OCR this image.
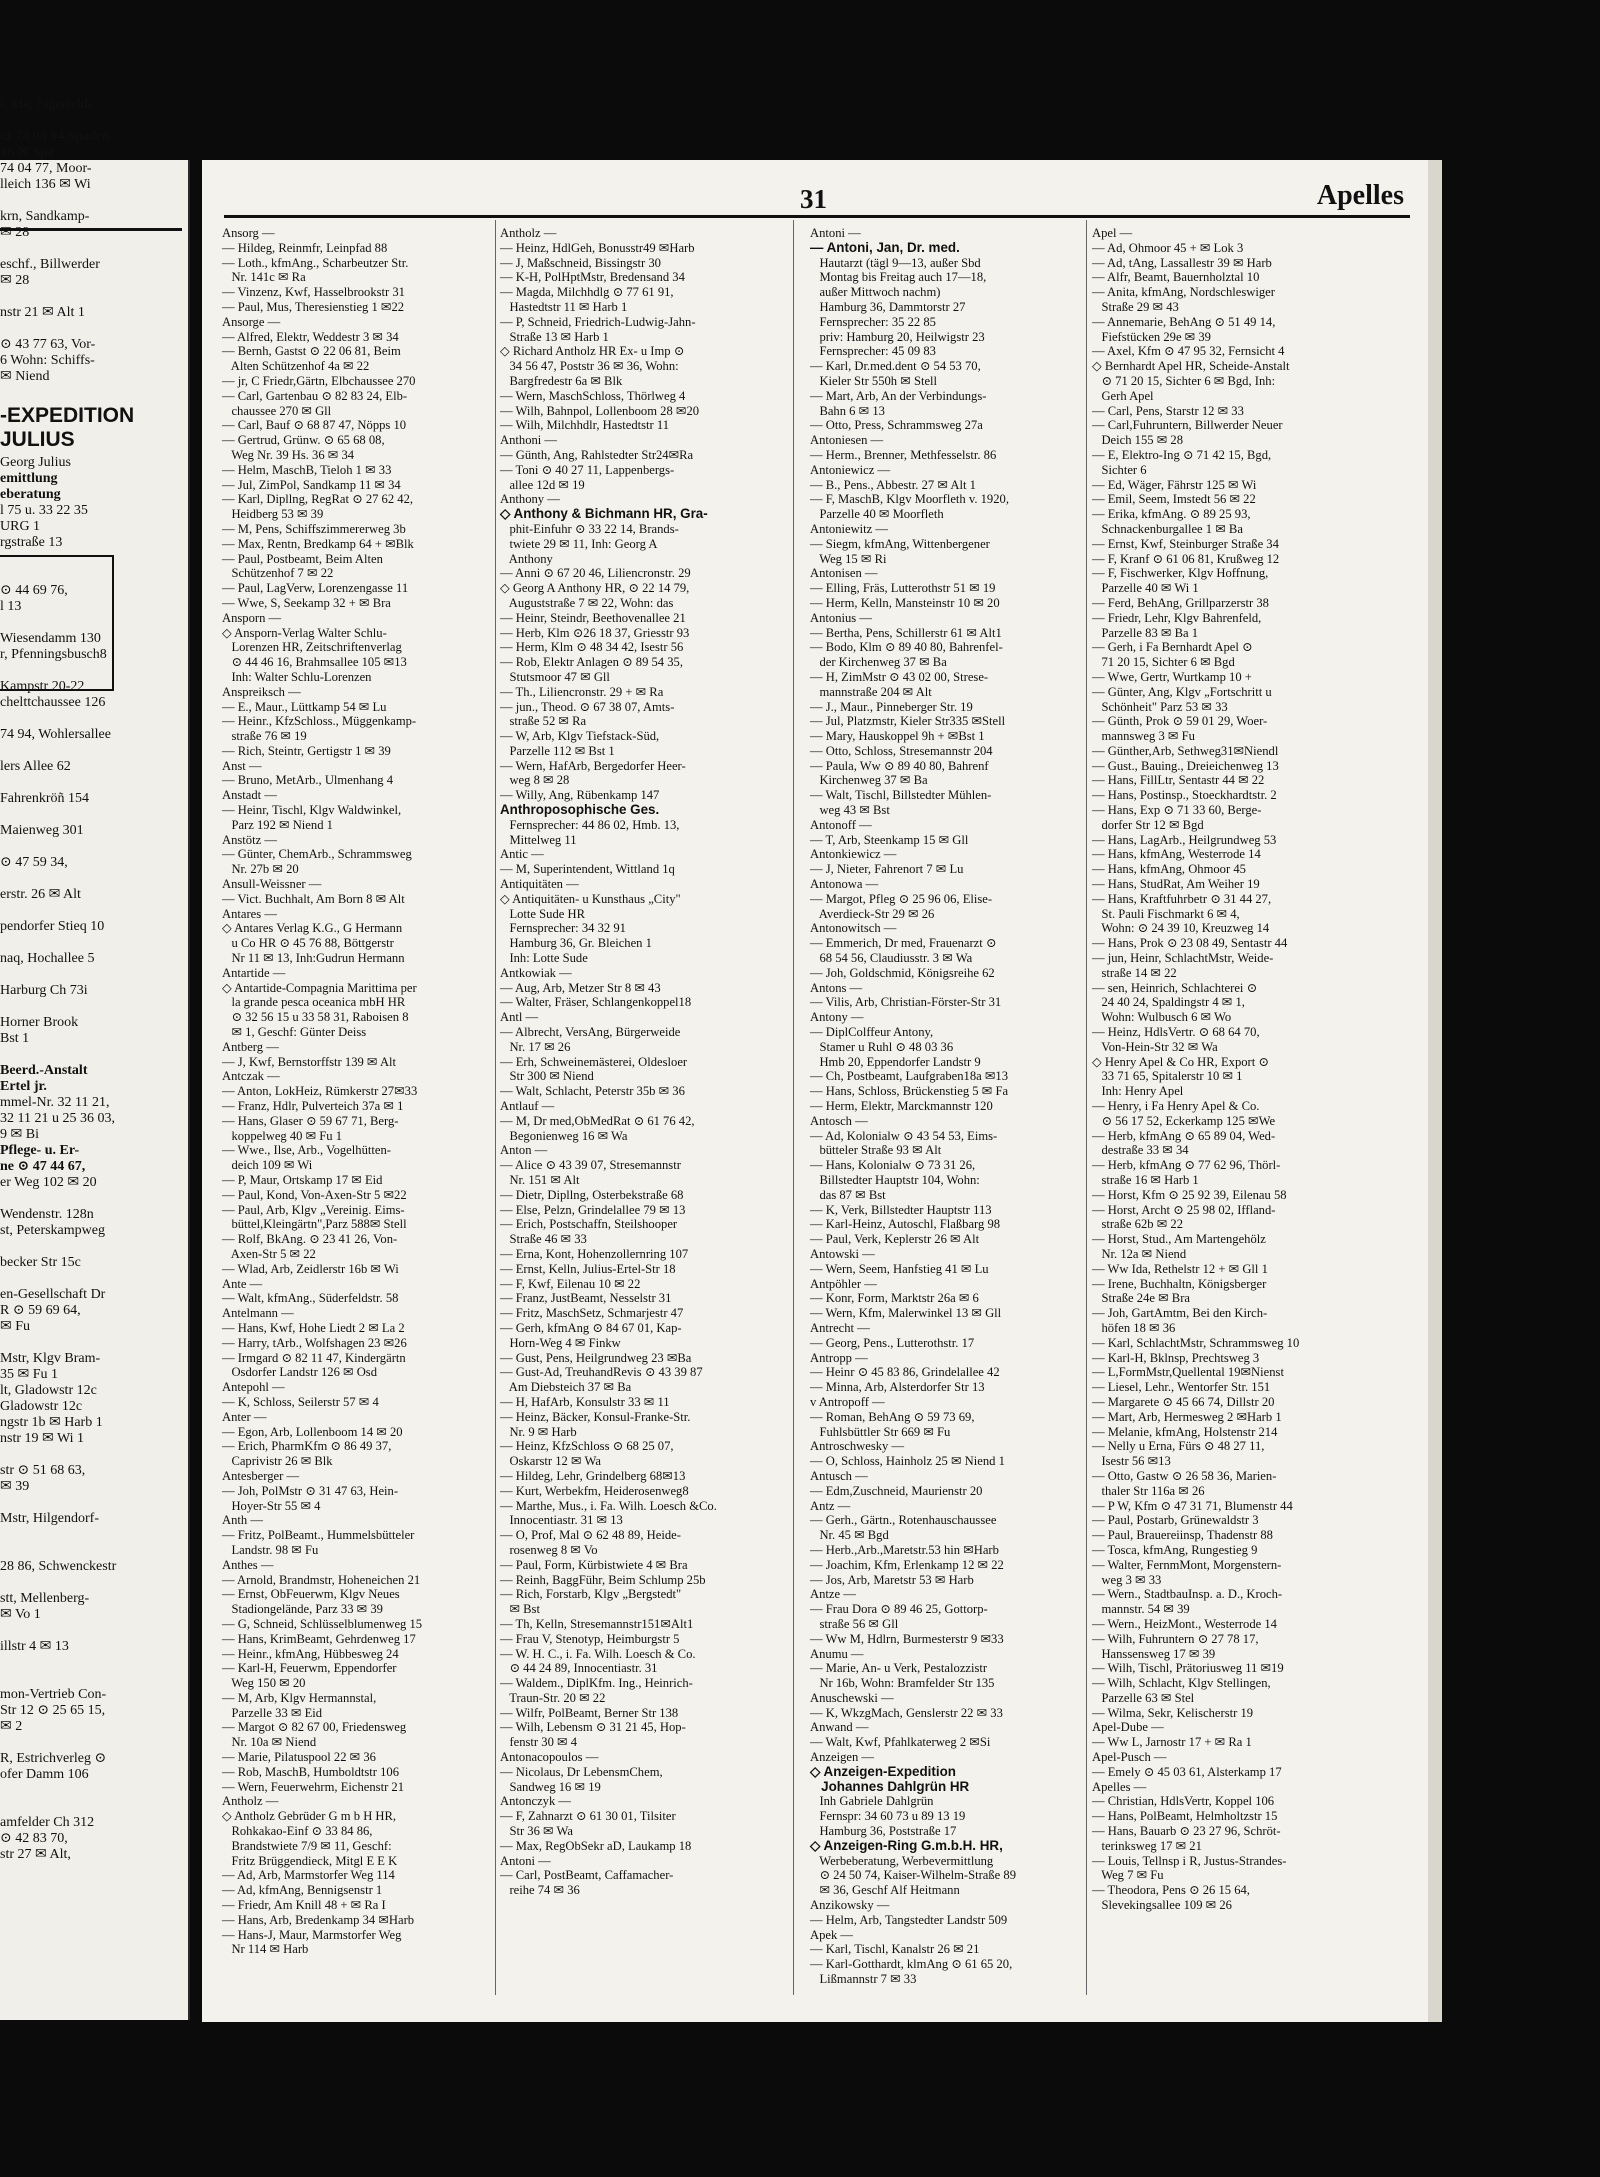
l, Ma, Jägerfeld-
⊙ 74 03 94 Spaden-
16 ✉ Spa
74 04 77, Moor-
lleich 136 ✉ Wi
krn, Sandkamp-
✉ 28
eschf., Billwerder
✉ 28
nstr 21 ✉ Alt 1
⊙ 43 77 63, Vor-
6 Wohn: Schiffs-
✉ Niend
-EXPEDITION
JULIUS
Georg Julius
emittlung
eberatung
l 75 u. 33 22 35
URG 1
rgstraße 13
⊙ 44 69 76,
l 13
Wiesendamm 130
r, Pfenningsbusch8
Kampstr 20-22
chelttchaussee 126
74 94, Wohlersallee
lers Allee 62
Fahrenkröñ 154
Maienweg 301
⊙ 47 59 34,
erstr. 26 ✉ Alt
pendorfer Stieq 10
naq, Hochallee 5
Harburg Ch 73i
Horner Brook
Bst 1
Beerd.-Anstalt
Ertel jr.
mmel-Nr. 32 11 21,
32 11 21 u 25 36 03,
9 ✉ Bi
Pflege- u. Er-
ne ⊙ 47 44 67,
er Weg 102 ✉ 20
Wendenstr. 128n
st, Peterskampweg
becker Str 15c
en-Gesellschaft Dr
R ⊙ 59 69 64,
✉ Fu
Mstr, Klgv Bram-
35 ✉ Fu 1
lt, Gladowstr 12c
Gladowstr 12c
ngstr 1b ✉ Harb 1
nstr 19 ✉ Wi 1
str ⊙ 51 68 63,
✉ 39
Mstr, Hilgendorf-
28 86, Schwenckestr
stt, Mellenberg-
✉ Vo 1
illstr 4 ✉ 13
mon-Vertrieb Con-
Str 12 ⊙ 25 65 15,
✉ 2
R, Estrichverleg ⊙
ofer Damm 106
amfelder Ch 312
⊙ 42 83 70,
str 27 ✉ Alt,
31	Apelles
Ansorg —
— Hildeg, Reinmfr, Leinpfad 88
— Loth., kfmAng., Scharbeutzer Str.
Nr. 141c ✉ Ra
— Vinzenz, Kwf, Hasselbrookstr 31
— Paul, Mus, Theresienstieg 1 ✉22
Ansorge —
— Alfred, Elektr, Weddestr 3 ✉ 34
— Bernh, Gastst ⊙ 22 06 81, Beim
Alten Schützenhof 4a ✉ 22
— jr, C Friedr,Gärtn, Elbchaussee 270
— Carl, Gartenbau ⊙ 82 83 24, Elb-
chaussee 270 ✉ Gll
— Carl, Bauf ⊙ 68 87 47, Nöpps 10
— Gertrud, Grünw. ⊙ 65 68 08,
Weg Nr. 39 Hs. 36 ✉ 34
— Helm, MaschB, Tieloh 1 ✉ 33
— Jul, ZimPol, Sandkamp 11 ✉ 34
— Karl, Dipllng, RegRat ⊙ 27 62 42,
Heidberg 53 ✉ 39
— M, Pens, Schiffszimmererweg 3b
— Max, Rentn, Bredkamp 64 + ✉Blk
— Paul, Postbeamt, Beim Alten
Schützenhof 7 ✉ 22
— Paul, LagVerw, Lorenzengasse 11
— Wwe, S, Seekamp 32 + ✉ Bra
Ansporn —
◇ Ansporn-Verlag Walter Schlu-
Lorenzen HR, Zeitschriftenverlag
⊙ 44 46 16, Brahmsallee 105 ✉13
Inh: Walter Schlu-Lorenzen
Anspreiksch —
— E., Maur., Lüttkamp 54 ✉ Lu
— Heinr., KfzSchloss., Müggenkamp-
straße 76 ✉ 19
— Rich, Steintr, Gertigstr 1 ✉ 39
Anst —
— Bruno, MetArb., Ulmenhang 4
Anstadt —
— Heinr, Tischl, Klgv Waldwinkel,
Parz 192 ✉ Niend 1
Anstötz —
— Günter, ChemArb., Schrammsweg
Nr. 27b ✉ 20
Ansull-Weissner —
— Vict. Buchhalt, Am Born 8 ✉ Alt
Antares —
◇ Antares Verlag K.G., G Hermann
u Co HR ⊙ 45 76 88, Böttgerstr
Nr 11 ✉ 13, Inh:Gudrun Hermann
Antartide —
◇ Antartide-Compagnia Marittima per
la grande pesca oceanica mbH HR
⊙ 32 56 15 u 33 58 31, Raboisen 8
✉ 1, Geschf: Günter Deiss
Antberg —
— J, Kwf, Bernstorffstr 139 ✉ Alt
Antczak —
— Anton, LokHeiz, Rümkerstr 27✉33
— Franz, Hdlr, Pulverteich 37a ✉ 1
— Hans, Glaser ⊙ 59 67 71, Berg-
koppelweg 40 ✉ Fu 1
— Wwe., Ilse, Arb., Vogelhütten-
deich 109 ✉ Wi
— P, Maur, Ortskamp 17 ✉ Eid
— Paul, Kond, Von-Axen-Str 5 ✉22
— Paul, Arb, Klgv „Vereinig. Eims-
büttel,Kleingärtn",Parz 588✉ Stell
— Rolf, BkAng. ⊙ 23 41 26, Von-
Axen-Str 5 ✉ 22
— Wlad, Arb, Zeidlerstr 16b ✉ Wi
Ante —
— Walt, kfmAng., Süderfeldstr. 58
Antelmann —
— Hans, Kwf, Hohe Liedt 2 ✉ La 2
— Harry, tArb., Wolfshagen 23 ✉26
— Irmgard ⊙ 82 11 47, Kindergärtn
Osdorfer Landstr 126 ✉ Osd
Antepohl —
— K, Schloss, Seilerstr 57 ✉ 4
Anter —
— Egon, Arb, Lollenboom 14 ✉ 20
— Erich, PharmKfm ⊙ 86 49 37,
Caprivistr 26 ✉ Blk
Antesberger —
— Joh, PolMstr ⊙ 31 47 63, Hein-
Hoyer-Str 55 ✉ 4
Anth —
— Fritz, PolBeamt., Hummelsbütteler
Landstr. 98 ✉ Fu
Anthes —
— Arnold, Brandmstr, Hoheneichen 21
— Ernst, ObFeuerwm, Klgv Neues
Stadiongelände, Parz 33 ✉ 39
— G, Schneid, Schlüsselblumenweg 15
— Hans, KrimBeamt, Gehrdenweg 17
— Heinr., kfmAng, Hübbesweg 24
— Karl-H, Feuerwm, Eppendorfer
Weg 150 ✉ 20
— M, Arb, Klgv Hermannstal,
Parzelle 33 ✉ Eid
— Margot ⊙ 82 67 00, Friedensweg
Nr. 10a ✉ Niend
— Marie, Pilatuspool 22 ✉ 36
— Rob, MaschB, Humboldtstr 106
— Wern, Feuerwehrm, Eichenstr 21
Antholz —
◇ Antholz Gebrüder G m b H HR,
Rohkakao-Einf ⊙ 33 84 86,
Brandstwiete 7/9 ✉ 11, Geschf:
Fritz Brüggendieck, Mitgl E E K
— Ad, Arb, Marmstorfer Weg 114
— Ad, kfmAng, Bennigsenstr 1
— Friedr, Am Knill 48 + ✉ Ra I
— Hans, Arb, Bredenkamp 34 ✉Harb
— Hans-J, Maur, Marmstorfer Weg
Nr 114 ✉ Harb
Antholz —
— Heinz, HdlGeh, Bonusstr49 ✉Harb
— J, Maßschneid, Bissingstr 30
— K-H, PolHptMstr, Bredensand 34
— Magda, Milchhdlg ⊙ 77 61 91,
Hastedtstr 11 ✉ Harb 1
— P, Schneid, Friedrich-Ludwig-Jahn-
Straße 13 ✉ Harb 1
◇ Richard Antholz HR Ex- u Imp ⊙
34 56 47, Poststr 36 ✉ 36, Wohn:
Bargfredestr 6a ✉ Blk
— Wern, MaschSchloss, Thörlweg 4
— Wilh, Bahnpol, Lollenboom 28 ✉20
— Wilh, Milchhdlr, Hastedtstr 11
Anthoni —
— Günth, Ang, Rahlstedter Str24✉Ra
— Toni ⊙ 40 27 11, Lappenbergs-
allee 12d ✉ 19
Anthony —
◇ Anthony & Bichmann HR, Gra-
phit-Einfuhr ⊙ 33 22 14, Brands-
twiete 29 ✉ 11, Inh: Georg A
Anthony
— Anni ⊙ 67 20 46, Liliencronstr. 29
◇ Georg A Anthony HR, ⊙ 22 14 79,
Auguststraße 7 ✉ 22, Wohn: das
— Heinr, Steindr, Beethovenallee 21
— Herb, Klm ⊙26 18 37, Griesstr 93
— Herm, Klm ⊙ 48 34 42, Isestr 56
— Rob, Elektr Anlagen ⊙ 89 54 35,
Stutsmoor 47 ✉ Gll
— Th., Liliencronstr. 29 + ✉ Ra
— jun., Theod. ⊙ 67 38 07, Amts-
straße 52 ✉ Ra
— W, Arb, Klgv Tiefstack-Süd,
Parzelle 112 ✉ Bst 1
— Wern, HafArb, Bergedorfer Heer-
weg 8 ✉ 28
— Willy, Ang, Rübenkamp 147
Anthroposophische Ges.
Fernsprecher: 44 86 02, Hmb. 13,
Mittelweg 11
Antic —
— M, Superintendent, Wittland 1q
Antiquitäten —
◇ Antiquitäten- u Kunsthaus „City"
Lotte Sude HR
Fernsprecher: 34 32 91
Hamburg 36, Gr. Bleichen 1
Inh: Lotte Sude
Antkowiak —
— Aug, Arb, Metzer Str 8 ✉ 43
— Walter, Fräser, Schlangenkoppel18
Antl —
— Albrecht, VersAng, Bürgerweide
Nr. 17 ✉ 26
— Erh, Schweinemästerei, Oldesloer
Str 300 ✉ Niend
— Walt, Schlacht, Peterstr 35b ✉ 36
Antlauf —
— M, Dr med,ObMedRat ⊙ 61 76 42,
Begonienweg 16 ✉ Wa
Anton —
— Alice ⊙ 43 39 07, Stresemannstr
Nr. 151 ✉ Alt
— Dietr, Dipllng, Osterbekstraße 68
— Else, Pelzn, Grindelallee 79 ✉ 13
— Erich, Postschaffn, Steilshooper
Straße 46 ✉ 33
— Erna, Kont, Hohenzollernring 107
— Ernst, Kelln, Julius-Ertel-Str 18
— F, Kwf, Eilenau 10 ✉ 22
— Franz, JustBeamt, Nesselstr 31
— Fritz, MaschSetz, Schmarjestr 47
— Gerh, kfmAng ⊙ 84 67 01, Kap-
Horn-Weg 4 ✉ Finkw
— Gust, Pens, Heilgrundweg 23 ✉Ba
— Gust-Ad, TreuhandRevis ⊙ 43 39 87
Am Diebsteich 37 ✉ Ba
— H, HafArb, Konsulstr 33 ✉ 11
— Heinz, Bäcker, Konsul-Franke-Str.
Nr. 9 ✉ Harb
— Heinz, KfzSchloss ⊙ 68 25 07,
Oskarstr 12 ✉ Wa
— Hildeg, Lehr, Grindelberg 68✉13
— Kurt, Werbekfm, Heiderosenweg8
— Marthe, Mus., i. Fa. Wilh. Loesch &Co.
Innocentiastr. 31 ✉ 13
— O, Prof, Mal ⊙ 62 48 89, Heide-
rosenweg 8 ✉ Vo
— Paul, Form, Kürbistwiete 4 ✉ Bra
— Reinh, BaggFühr, Beim Schlump 25b
— Rich, Forstarb, Klgv „Bergstedt"
✉ Bst
— Th, Kelln, Stresemannstr151✉Alt1
— Frau V, Stenotyp, Heimburgstr 5
— W. H. C., i. Fa. Wilh. Loesch & Co.
⊙ 44 24 89, Innocentiastr. 31
— Waldem., DiplKfm. Ing., Heinrich-
Traun-Str. 20 ✉ 22
— Wilfr, PolBeamt, Berner Str 138
— Wilh, Lebensm ⊙ 31 21 45, Hop-
fenstr 30 ✉ 4
Antonacopoulos —
— Nicolaus, Dr LebensmChem,
Sandweg 16 ✉ 19
Antonczyk —
— F, Zahnarzt ⊙ 61 30 01, Tilsiter
Str 36 ✉ Wa
— Max, RegObSekr aD, Laukamp 18
Antoni —
— Carl, PostBeamt, Caffamacher-
reihe 74 ✉ 36
Antoni —
— Antoni, Jan, Dr. med.
Hautarzt (tägl 9—13, außer Sbd
Montag bis Freitag auch 17—18,
außer Mittwoch nachm)
Hamburg 36, Dammtorstr 27
Fernsprecher: 35 22 85
priv: Hamburg 20, Heilwigstr 23
Fernsprecher: 45 09 83
— Karl, Dr.med.dent ⊙ 54 53 70,
Kieler Str 550h ✉ Stell
— Mart, Arb, An der Verbindungs-
Bahn 6 ✉ 13
— Otto, Press, Schrammsweg 27a
Antoniesen —
— Herm., Brenner, Methfesselstr. 86
Antoniewicz —
— B., Pens., Abbestr. 27 ✉ Alt 1
— F, MaschB, Klgv Moorfleth v. 1920,
Parzelle 40 ✉ Moorfleth
Antoniewitz —
— Siegm, kfmAng, Wittenbergener
Weg 15 ✉ Ri
Antonisen —
— Elling, Fräs, Lutterothstr 51 ✉ 19
— Herm, Kelln, Mansteinstr 10 ✉ 20
Antonius —
— Bertha, Pens, Schillerstr 61 ✉ Alt1
— Bodo, Klm ⊙ 89 40 80, Bahrenfel-
der Kirchenweg 37 ✉ Ba
— H, ZimMstr ⊙ 43 02 00, Strese-
mannstraße 204 ✉ Alt
— J., Maur., Pinneberger Str. 19
— Jul, Platzmstr, Kieler Str335 ✉Stell
— Mary, Hauskoppel 9h + ✉Bst 1
— Otto, Schloss, Stresemannstr 204
— Paula, Ww ⊙ 89 40 80, Bahrenf
Kirchenweg 37 ✉ Ba
— Walt, Tischl, Billstedter Mühlen-
weg 43 ✉ Bst
Antonoff —
— T, Arb, Steenkamp 15 ✉ Gll
Antonkiewicz —
— J, Nieter, Fahrenort 7 ✉ Lu
Antonowa —
— Margot, Pfleg ⊙ 25 96 06, Elise-
Averdieck-Str 29 ✉ 26
Antonowitsch —
— Emmerich, Dr med, Frauenarzt ⊙
68 54 56, Claudiusstr. 3 ✉ Wa
— Joh, Goldschmid, Königsreihe 62
Antons —
— Vilis, Arb, Christian-Förster-Str 31
Antony —
— DiplColffeur Antony,
Stamer u Ruhl ⊙ 48 03 36
Hmb 20, Eppendorfer Landstr 9
— Ch, Postbeamt, Laufgraben18a ✉13
— Hans, Schloss, Brückenstieg 5 ✉ Fa
— Herm, Elektr, Marckmannstr 120
Antosch —
— Ad, Kolonialw ⊙ 43 54 53, Eims-
bütteler Straße 93 ✉ Alt
— Hans, Kolonialw ⊙ 73 31 26,
Billstedter Hauptstr 104, Wohn:
das 87 ✉ Bst
— K, Verk, Billstedter Hauptstr 113
— Karl-Heinz, Autoschl, Flaßbarg 98
— Paul, Verk, Keplerstr 26 ✉ Alt
Antowski —
— Wern, Seem, Hanfstieg 41 ✉ Lu
Antpöhler —
— Konr, Form, Marktstr 26a ✉ 6
— Wern, Kfm, Malerwinkel 13 ✉ Gll
Antrecht —
— Georg, Pens., Lutterothstr. 17
Antropp —
— Heinr ⊙ 45 83 86, Grindelallee 42
— Minna, Arb, Alsterdorfer Str 13
v Antropoff —
— Roman, BehAng ⊙ 59 73 69,
Fuhlsbüttler Str 669 ✉ Fu
Antroschwesky —
— O, Schloss, Hainholz 25 ✉ Niend 1
Antusch —
— Edm,Zuschneid, Maurienstr 20
Antz —
— Gerh., Gärtn., Rotenhauschaussee
Nr. 45 ✉ Bgd
— Herb.,Arb.,Maretstr.53 hin ✉Harb
— Joachim, Kfm, Erlenkamp 12 ✉ 22
— Jos, Arb, Maretstr 53 ✉ Harb
Antze —
— Frau Dora ⊙ 89 46 25, Gottorp-
straße 56 ✉ Gll
— Ww M, Hdlrn, Burmesterstr 9 ✉33
Anumu —
— Marie, An- u Verk, Pestalozzistr
Nr 16b, Wohn: Bramfelder Str 135
Anuschewski —
— K, WkzgMach, Genslerstr 22 ✉ 33
Anwand —
— Walt, Kwf, Pfahlkaterweg 2 ✉Si
Anzeigen —
◇ Anzeigen-Expedition
Johannes Dahlgrün HR
Inh Gabriele Dahlgrün
Fernspr: 34 60 73 u 89 13 19
Hamburg 36, Poststraße 17
◇ Anzeigen-Ring G.m.b.H. HR,
Werbeberatung, Werbevermittlung
⊙ 24 50 74, Kaiser-Wilhelm-Straße 89
✉ 36, Geschf Alf Heitmann
Anzikowsky —
— Helm, Arb, Tangstedter Landstr 509
Apek —
— Karl, Tischl, Kanalstr 26 ✉ 21
— Karl-Gotthardt, klmAng ⊙ 61 65 20,
Lißmannstr 7 ✉ 33
Apel —
— Ad, Ohmoor 45 + ✉ Lok 3
— Ad, tAng, Lassallestr 39 ✉ Harb
— Alfr, Beamt, Bauernholztal 10
— Anita, kfmAng, Nordschleswiger
Straße 29 ✉ 43
— Annemarie, BehAng ⊙ 51 49 14,
Fiefstücken 29e ✉ 39
— Axel, Kfm ⊙ 47 95 32, Fernsicht 4
◇ Bernhardt Apel HR, Scheide-Anstalt
⊙ 71 20 15, Sichter 6 ✉ Bgd, Inh:
Gerh Apel
— Carl, Pens, Starstr 12 ✉ 33
— Carl,Fuhruntern, Billwerder Neuer
Deich 155 ✉ 28
— E, Elektro-Ing ⊙ 71 42 15, Bgd,
Sichter 6
— Ed, Wäger, Fährstr 125 ✉ Wi
— Emil, Seem, Imstedt 56 ✉ 22
— Erika, kfmAng. ⊙ 89 25 93,
Schnackenburgallee 1 ✉ Ba
— Ernst, Kwf, Steinburger Straße 34
— F, Kranf ⊙ 61 06 81, Krußweg 12
— F, Fischwerker, Klgv Hoffnung,
Parzelle 40 ✉ Wi 1
— Ferd, BehAng, Grillparzerstr 38
— Friedr, Lehr, Klgv Bahrenfeld,
Parzelle 83 ✉ Ba 1
— Gerh, i Fa Bernhardt Apel ⊙
71 20 15, Sichter 6 ✉ Bgd
— Wwe, Gertr, Wurtkamp 10 +
— Günter, Ang, Klgv „Fortschritt u
Schönheit" Parz 53 ✉ 33
— Günth, Prok ⊙ 59 01 29, Woer-
mannsweg 3 ✉ Fu
— Günther,Arb, Sethweg31✉Niendl
— Gust., Bauing., Dreieichenweg 13
— Hans, FillLtr, Sentastr 44 ✉ 22
— Hans, Postinsp., Stoeckhardtstr. 2
— Hans, Exp ⊙ 71 33 60, Berge-
dorfer Str 12 ✉ Bgd
— Hans, LagArb., Heilgrundweg 53
— Hans, kfmAng, Westerrode 14
— Hans, kfmAng, Ohmoor 45
— Hans, StudRat, Am Weiher 19
— Hans, Kraftfuhrbetr ⊙ 31 44 27,
St. Pauli Fischmarkt 6 ✉ 4,
Wohn: ⊙ 24 39 10, Kreuzweg 14
— Hans, Prok ⊙ 23 08 49, Sentastr 44
— jun, Heinr, SchlachtMstr, Weide-
straße 14 ✉ 22
— sen, Heinrich, Schlachterei ⊙
24 40 24, Spaldingstr 4 ✉ 1,
Wohn: Wulbusch 6 ✉ Wo
— Heinz, HdlsVertr. ⊙ 68 64 70,
Von-Hein-Str 32 ✉ Wa
◇ Henry Apel & Co HR, Export ⊙
33 71 65, Spitalerstr 10 ✉ 1
Inh: Henry Apel
— Henry, i Fa Henry Apel & Co.
⊙ 56 17 52, Eckerkamp 125 ✉We
— Herb, kfmAng ⊙ 65 89 04, Wed-
destraße 33 ✉ 34
— Herb, kfmAng ⊙ 77 62 96, Thörl-
straße 16 ✉ Harb 1
— Horst, Kfm ⊙ 25 92 39, Eilenau 58
— Horst, Archt ⊙ 25 98 02, Iffland-
straße 62b ✉ 22
— Horst, Stud., Am Martengehölz
Nr. 12a ✉ Niend
— Ww Ida, Rethelstr 12 + ✉ Gll 1
— Irene, Buchhaltn, Königsberger
Straße 24e ✉ Bra
— Joh, GartAmtm, Bei den Kirch-
höfen 18 ✉ 36
— Karl, SchlachtMstr, Schrammsweg 10
— Karl-H, Bklnsp, Prechtsweg 3
— L,FormMstr,Quellental 19✉Nienst
— Liesel, Lehr., Wentorfer Str. 151
— Margarete ⊙ 45 66 74, Dillstr 20
— Mart, Arb, Hermesweg 2 ✉Harb 1
— Melanie, kfmAng, Holstenstr 214
— Nelly u Erna, Fürs ⊙ 48 27 11,
Isestr 56 ✉13
— Otto, Gastw ⊙ 26 58 36, Marien-
thaler Str 116a ✉ 26
— P W, Kfm ⊙ 47 31 71, Blumenstr 44
— Paul, Postarb, Grünewaldstr 3
— Paul, Brauereiinsp, Thadenstr 88
— Tosca, kfmAng, Rungestieg 9
— Walter, FernmMont, Morgenstern-
weg 3 ✉ 33
— Wern., StadtbauInsp. a. D., Kroch-
mannstr. 54 ✉ 39
— Wern., HeizMont., Westerrode 14
— Wilh, Fuhruntern ⊙ 27 78 17,
Hanssensweg 17 ✉ 39
— Wilh, Tischl, Prätoriusweg 11 ✉19
— Wilh, Schlacht, Klgv Stellingen,
Parzelle 63 ✉ Stel
— Wilma, Sekr, Kelischerstr 19
Apel-Dube —
— Ww L, Jarnostr 17 + ✉ Ra 1
Apel-Pusch —
— Emely ⊙ 45 03 61, Alsterkamp 17
Apelles —
— Christian, HdlsVertr, Koppel 106
— Hans, PolBeamt, Helmholtzstr 15
— Hans, Bauarb ⊙ 23 27 96, Schröt-
terinksweg 17 ✉ 21
— Louis, Tellnsp i R, Justus-Strandes-
Weg 7 ✉ Fu
— Theodora, Pens ⊙ 26 15 64,
Slevekingsallee 109 ✉ 26
